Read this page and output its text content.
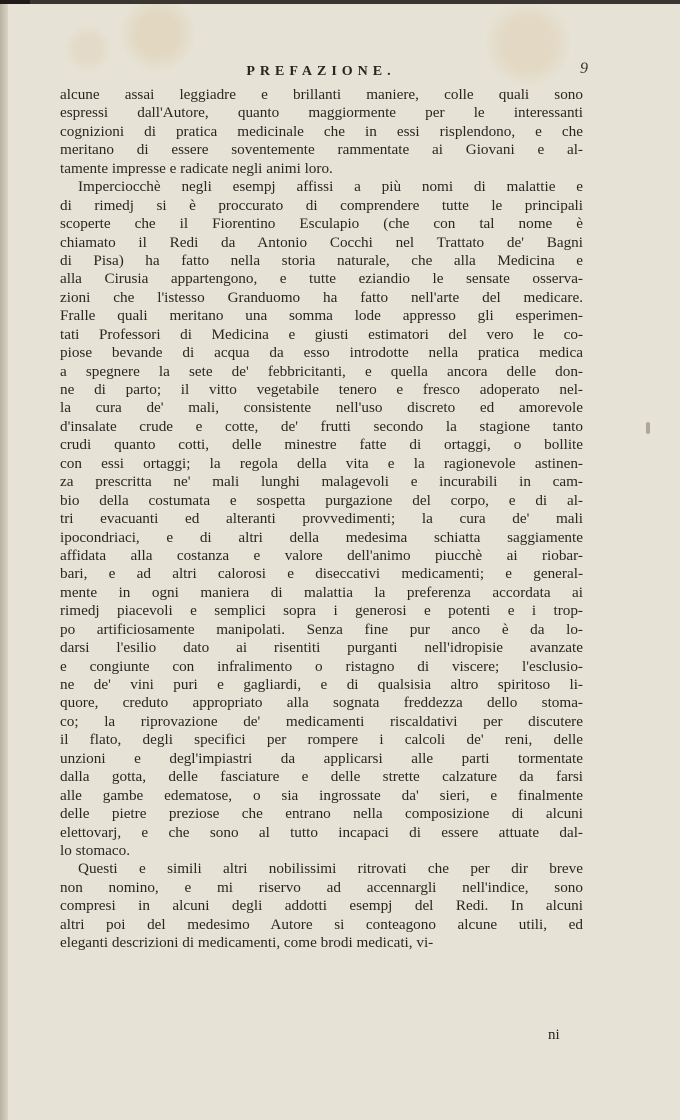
PREFAZIONE.	9
alcune assai leggiadre e brillanti maniere, colle quali sono
espressi dall'Autore, quanto maggiormente per le interessanti
cognizioni di pratica medicinale che in essi risplendono, e che
meritano di essere soventemente rammentate ai Giovani e al-
tamente impresse e radicate negli animi loro.
Imperciocchè negli esempj affissi a più nomi di malattie e
di rimedj si è proccurato di comprendere tutte le principali
scoperte che il Fiorentino Esculapio (che con tal nome è
chiamato il Redi da Antonio Cocchi nel Trattato de' Bagni
di Pisa) ha fatto nella storia naturale, che alla Medicina e
alla Cirusia appartengono, e tutte eziandio le sensate osserva-
zioni che l'istesso Granduomo ha fatto nell'arte del medicare.
Fralle quali meritano una somma lode appresso gli esperimen-
tati Professori di Medicina e giusti estimatori del vero le co-
piose bevande di acqua da esso introdotte nella pratica medica
a spegnere la sete de' febbricitanti, e quella ancora delle don-
ne di parto; il vitto vegetabile tenero e fresco adoperato nel-
la cura de' mali, consistente nell'uso discreto ed amorevole
d'insalate crude e cotte, de' frutti secondo la stagione tanto
crudi quanto cotti, delle minestre fatte di ortaggi, o bollite
con essi ortaggi; la regola della vita e la ragionevole astinen-
za prescritta ne' mali lunghi malagevoli e incurabili in cam-
bio della costumata e sospetta purgazione del corpo, e di al-
tri evacuanti ed alteranti provvedimenti; la cura de' mali
ipocondriaci, e di altri della medesima schiatta saggiamente
affidata alla costanza e valore dell'animo piucchè ai riobar-
bari, e ad altri calorosi e diseccativi medicamenti; e general-
mente in ogni maniera di malattia la preferenza accordata ai
rimedj piacevoli e semplici sopra i generosi e potenti e i trop-
po artificiosamente manipolati. Senza fine pur anco è da lo-
darsi l'esilio dato ai risentiti purganti nell'idropisie avanzate
e congiunte con infralimento o ristagno di viscere; l'esclusio-
ne de' vini puri e gagliardi, e di qualsisia altro spiritoso li-
quore, creduto appropriato alla sognata freddezza dello stoma-
co; la riprovazione de' medicamenti riscaldativi per discutere
il flato, degli specifici per rompere i calcoli de' reni, delle
unzioni e degl'impiastri da applicarsi alle parti tormentate
dalla gotta, delle fasciature e delle strette calzature da farsi
alle gambe edematose, o sia ingrossate da' sieri, e finalmente
delle pietre preziose che entrano nella composizione di alcuni
elettovarj, e che sono al tutto incapaci di essere attuate dal-
lo stomaco.
Questi e simili altri nobilissimi ritrovati che per dir breve
non nomino, e mi riservo ad accennargli nell'indice, sono
compresi in alcuni degli addotti esempj del Redi. In alcuni
altri poi del medesimo Autore si conteagono alcune utili, ed
eleganti descrizioni di medicamenti, come brodi medicati, vi-
ni
